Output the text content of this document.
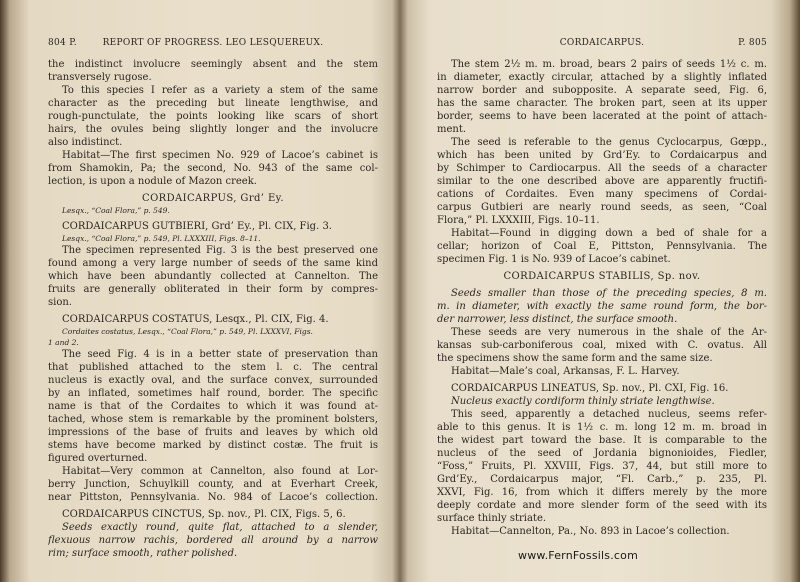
804 P.	REPORT OF PROGRESS. LEO LESQUEREUX.
the indistinct involucre seemingly absent and the stem
transversely rugose.
To this species I refer as a variety a stem of the same
character as the preceding but lineate lengthwise, and
rough-punctulate, the points looking like scars of short
hairs, the ovules being slightly longer and the involucre
also indistinct.
Habitat—The first specimen No. 929 of Lacoe’s cabinet is
from Shamokin, Pa; the second, No. 943 of the same col-
lection, is upon a nodule of Mazon creek.
CORDAICARPUS, Grd’ Ey.
Lesqx., “Coal Flora,” p. 549.
CORDAICARPUS GUTBIERI, Grd’ Ey., Pl. CIX, Fig. 3.
Lesqx., “Coal Flora,” p. 549, Pl. LXXXIII, Figs. 8–11.
The specimen represented Fig. 3 is the best preserved one
found among a very large number of seeds of the same kind
which have been abundantly collected at Cannelton. The
fruits are generally obliterated in their form by compres-
sion.
CORDAICARPUS COSTATUS, Lesqx., Pl. CIX, Fig. 4.
Cordaites costatus, Lesqx., “Coal Flora,” p. 549, Pl. LXXXVI, Figs.
1 and 2.
The seed Fig. 4 is in a better state of preservation than
that published attached to the stem l. c. The central
nucleus is exactly oval, and the surface convex, surrounded
by an inflated, sometimes half round, border. The specific
name is that of the Cordaites to which it was found at-
tached, whose stem is remarkable by the prominent bolsters,
impressions of the base of fruits and leaves by which old
stems have become marked by distinct costæ. The fruit is
figured overturned.
Habitat—Very common at Cannelton, also found at Lor-
berry Junction, Schuylkill county, and at Everhart Creek,
near Pittston, Pennsylvania. No. 984 of Lacoe’s collection.
CORDAICARPUS CINCTUS, Sp. nov., Pl. CIX, Figs. 5, 6.
Seeds exactly round, quite flat, attached to a slender,
flexuous narrow rachis, bordered all around by a narrow
rim; surface smooth, rather polished.
CORDAICARPUS.	P. 805
The stem 2½ m. m. broad, bears 2 pairs of seeds 1½ c. m.
in diameter, exactly circular, attached by a slightly inflated
narrow border and subopposite. A separate seed, Fig. 6,
has the same character. The broken part, seen at its upper
border, seems to have been lacerated at the point of attach-
ment.
The seed is referable to the genus Cyclocarpus, Gœpp.,
which has been united by Grd’Ey. to Cordaicarpus and
by Schimper to Cardiocarpus. All the seeds of a character
similar to the one described above are apparently fructifi-
cations of Cordaites. Even many specimens of Cordai-
carpus Gutbieri are nearly round seeds, as seen, “Coal
Flora,” Pl. LXXXIII, Figs. 10–11.
Habitat—Found in digging down a bed of shale for a
cellar; horizon of Coal E, Pittston, Pennsylvania. The
specimen Fig. 1 is No. 939 of Lacoe’s cabinet.
CORDAICARPUS STABILIS, Sp. nov.
Seeds smaller than those of the preceding species, 8 m.
m. in diameter, with exactly the same round form, the bor-
der narrower, less distinct, the surface smooth.
These seeds are very numerous in the shale of the Ar-
kansas sub-carboniferous coal, mixed with C. ovatus. All
the specimens show the same form and the same size.
Habitat—Male’s coal, Arkansas, F. L. Harvey.
CORDAICARPUS LINEATUS, Sp. nov., Pl. CXI, Fig. 16.
Nucleus exactly cordiform thinly striate lengthwise.
This seed, apparently a detached nucleus, seems refer-
able to this genus. It is 1½ c. m. long 12 m. m. broad in
the widest part toward the base. It is comparable to the
nucleus of the seed of Jordania bignonioides, Fiedler,
“Foss,” Fruits, Pl. XXVIII, Figs. 37, 44, but still more to
Grd’Ey., Cordaicarpus major, “Fl. Carb.,” p. 235, Pl.
XXVI, Fig. 16, from which it differs merely by the more
deeply cordate and more slender form of the seed with its
surface thinly striate.
Habitat—Cannelton, Pa., No. 893 in Lacoe’s collection.
www.FernFossils.com
